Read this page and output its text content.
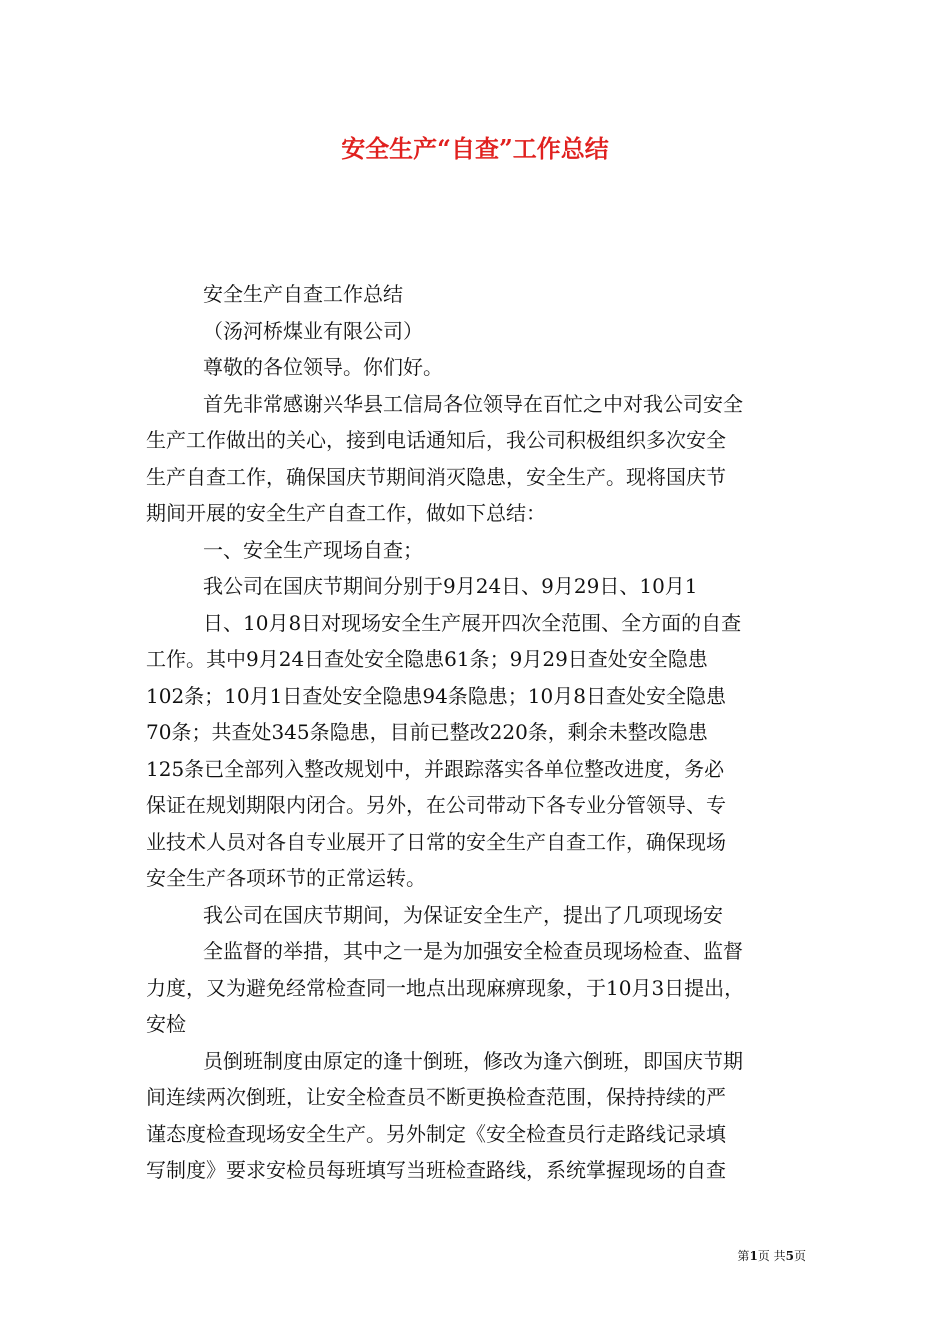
安全生产“自查”工作总结

安全生产自查工作总结

（汤河桥煤业有限公司）

尊敬的各位领导。你们好。

首先非常感谢兴华县工信局各位领导在百忙之中对我公司安全

生产工作做出的关心，接到电话通知后，我公司积极组织多次安全

生产自查工作，确保国庆节期间消灭隐患，安全生产。现将国庆节

期间开展的安全生产自查工作，做如下总结：

一、安全生产现场自查；

我公司在国庆节期间分别于9月24日、9月29日、10月1

日、10月8日对现场安全生产展开四次全范围、全方面的自查

工作。其中9月24日查处安全隐患61条；9月29日查处安全隐患

102条；10月1日查处安全隐患94条隐患；10月8日查处安全隐患

70条；共查处345条隐患，目前已整改220条，剩余未整改隐患

125条已全部列入整改规划中，并跟踪落实各单位整改进度，务必

保证在规划期限内闭合。另外，在公司带动下各专业分管领导、专

业技术人员对各自专业展开了日常的安全生产自查工作，确保现场

安全生产各项环节的正常运转。

我公司在国庆节期间，为保证安全生产，提出了几项现场安

全监督的举措，其中之一是为加强安全检查员现场检查、监督

力度，又为避免经常检查同一地点出现麻痹现象，于10月3日提出，

安检

员倒班制度由原定的逢十倒班，修改为逢六倒班，即国庆节期

间连续两次倒班，让安全检查员不断更换检查范围，保持持续的严

谨态度检查现场安全生产。另外制定《安全检查员行走路线记录填

写制度》要求安检员每班填写当班检查路线，系统掌握现场的自查

第1页 共5页
